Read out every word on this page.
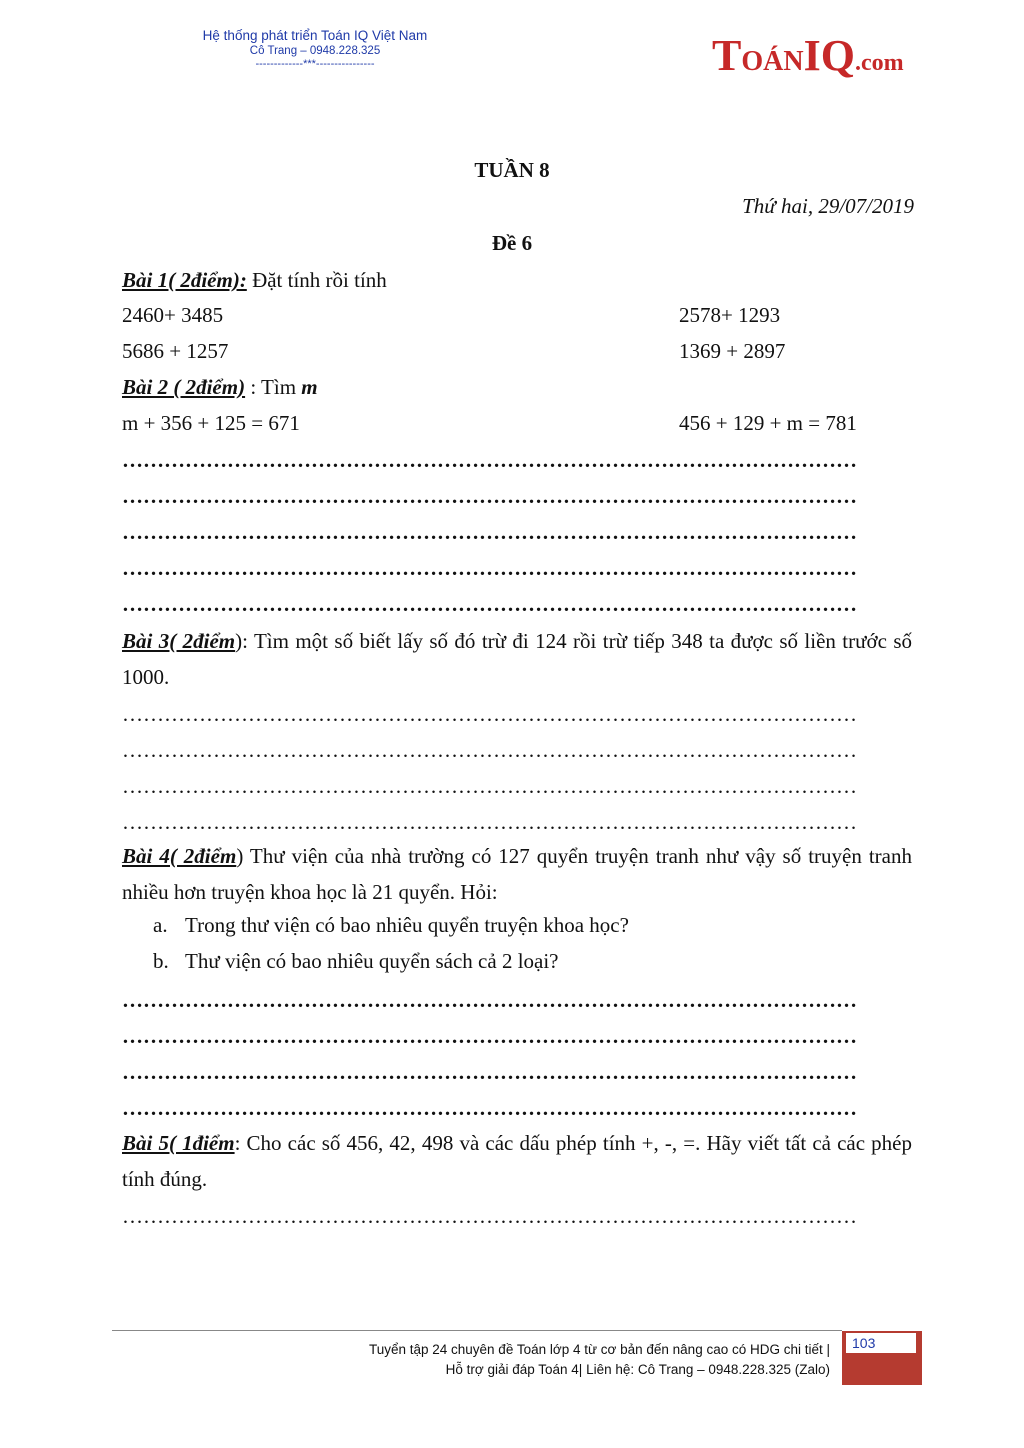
Hệ thống phát triển Toán IQ Việt Nam
Cô Trang – 0948.228.325
-------------***----------------	TOÁNIQ.com
TUẦN 8
Thứ hai, 29/07/2019
Đề 6
Bài 1( 2điểm): Đặt tính rồi tính
2460+ 3485	2578+ 1293
5686 + 1257	1369 + 2897
Bài 2 ( 2điểm) : Tìm m
m + 356 + 125 = 671	456 + 129 + m = 781
……………………………………………………………………………………………
……………………………………………………………………………………………
……………………………………………………………………………………………
……………………………………………………………………………………………
……………………………………………………………………………………………
Bài 3( 2điểm): Tìm một số biết lấy số đó trừ đi 124 rồi trừ tiếp 348 ta được số liền trước số 1000.
……………………………………………………………………………………………
……………………………………………………………………………………………
……………………………………………………………………………………………
……………………………………………………………………………………………
Bài 4( 2điểm) Thư viện của nhà trường có 127 quyển truyện tranh như vậy số truyện tranh nhiều hơn truyện khoa học là 21 quyển. Hỏi:
a. Trong thư viện có bao nhiêu quyển truyện khoa học?
b. Thư viện có bao nhiêu quyển sách cả 2 loại?
……………………………………………………………………………………………
……………………………………………………………………………………………
……………………………………………………………………………………………
……………………………………………………………………………………………
Bài 5( 1điểm: Cho các số 456, 42, 498 và các dấu phép tính +, -, =. Hãy viết tất cả các phép tính đúng.
……………………………………………………………………………………………
Tuyển tập 24 chuyên đề Toán lớp 4 từ cơ bản đến nâng cao có HDG chi tiết |
Hỗ trợ giải đáp Toán 4| Liên hệ: Cô Trang – 0948.228.325 (Zalo)
103
